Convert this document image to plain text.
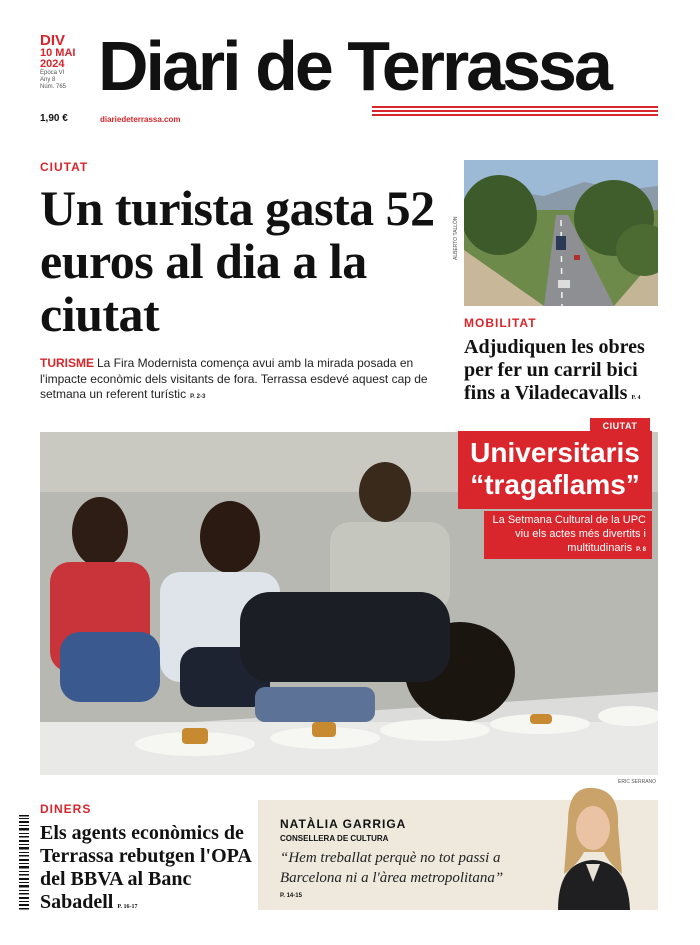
DIV
10 MAI
2024
Època VI
Any 8
Núm. 765
1,90 €
Diari de Terrassa
diariedeterrassa.com
CIUTAT
Un turista gasta 52 euros al dia a la ciutat
TURISME La Fira Modernista comença avui amb la mirada posada en l'impacte econòmic dels visitants de fora. Terrassa esdevé aquest cap de setmana un referent turístic P. 2-3
ALBERTO TALLÓN
MOBILITAT
Adjudiquen les obres per fer un carril bici fins a Viladecavalls P. 4
ERIC SERRANO
CIUTAT
Universitaris
“tragaflams”
La Setmana Cultural de la UPC viu els actes més divertits i multitudinaris P. 8
DINERS
Els agents econòmics de Terrassa rebutgen l'OPA del BBVA al Banc Sabadell P. 16-17
NATÀLIA GARRIGA
CONSELLERA DE CULTURA
“Hem treballat perquè no tot passi a Barcelona ni a l'àrea metropolitana”
P. 14-15
